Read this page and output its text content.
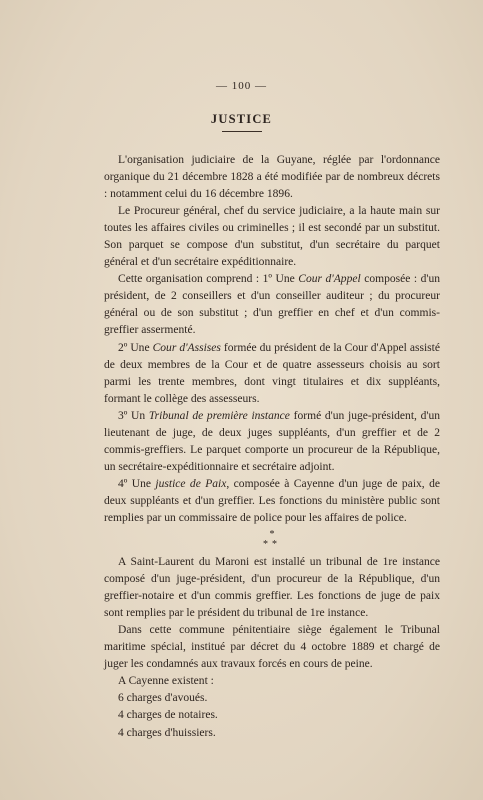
— 100 —
JUSTICE

L'organisation judiciaire de la Guyane, réglée par l'ordonnance organique du 21 décembre 1828 a été modifiée par de nombreux décrets : notamment celui du 16 décembre 1896.

Le Procureur général, chef du service judiciaire, a la haute main sur toutes les affaires civiles ou criminelles ; il est secondé par un substitut. Son parquet se compose d'un substitut, d'un secrétaire du parquet général et d'un secrétaire expéditionnaire.

Cette organisation comprend : 1º Une Cour d'Appel composée : d'un président, de 2 conseillers et d'un conseiller auditeur ; du procureur général ou de son substitut ; d'un greffier en chef et d'un commis-greffier assermenté.

2º Une Cour d'Assises formée du président de la Cour d'Appel assisté de deux membres de la Cour et de quatre assesseurs choisis au sort parmi les trente membres, dont vingt titulaires et dix suppléants, formant le collège des assesseurs.

3º Un Tribunal de première instance formé d'un juge-président, d'un lieutenant de juge, de deux juges suppléants, d'un greffier et de 2 commis-greffiers. Le parquet comporte un procureur de la République, un secrétaire-expéditionnaire et secrétaire adjoint.

4º Une justice de Paix, composée à Cayenne d'un juge de paix, de deux suppléants et d'un greffier. Les fonctions du ministère public sont remplies par un commissaire de police pour les affaires de police.

*
**

A Saint-Laurent du Maroni est installé un tribunal de 1re instance composé d'un juge-président, d'un procureur de la République, d'un greffier-notaire et d'un commis greffier. Les fonctions de juge de paix sont remplies par le président du tribunal de 1re instance.

Dans cette commune pénitentiaire siège également le Tribunal maritime spécial, institué par décret du 4 octobre 1889 et chargé de juger les condamnés aux travaux forcés en cours de peine.

A Cayenne existent :

6 charges d'avoués.

4 charges de notaires.

4 charges d'huissiers.
